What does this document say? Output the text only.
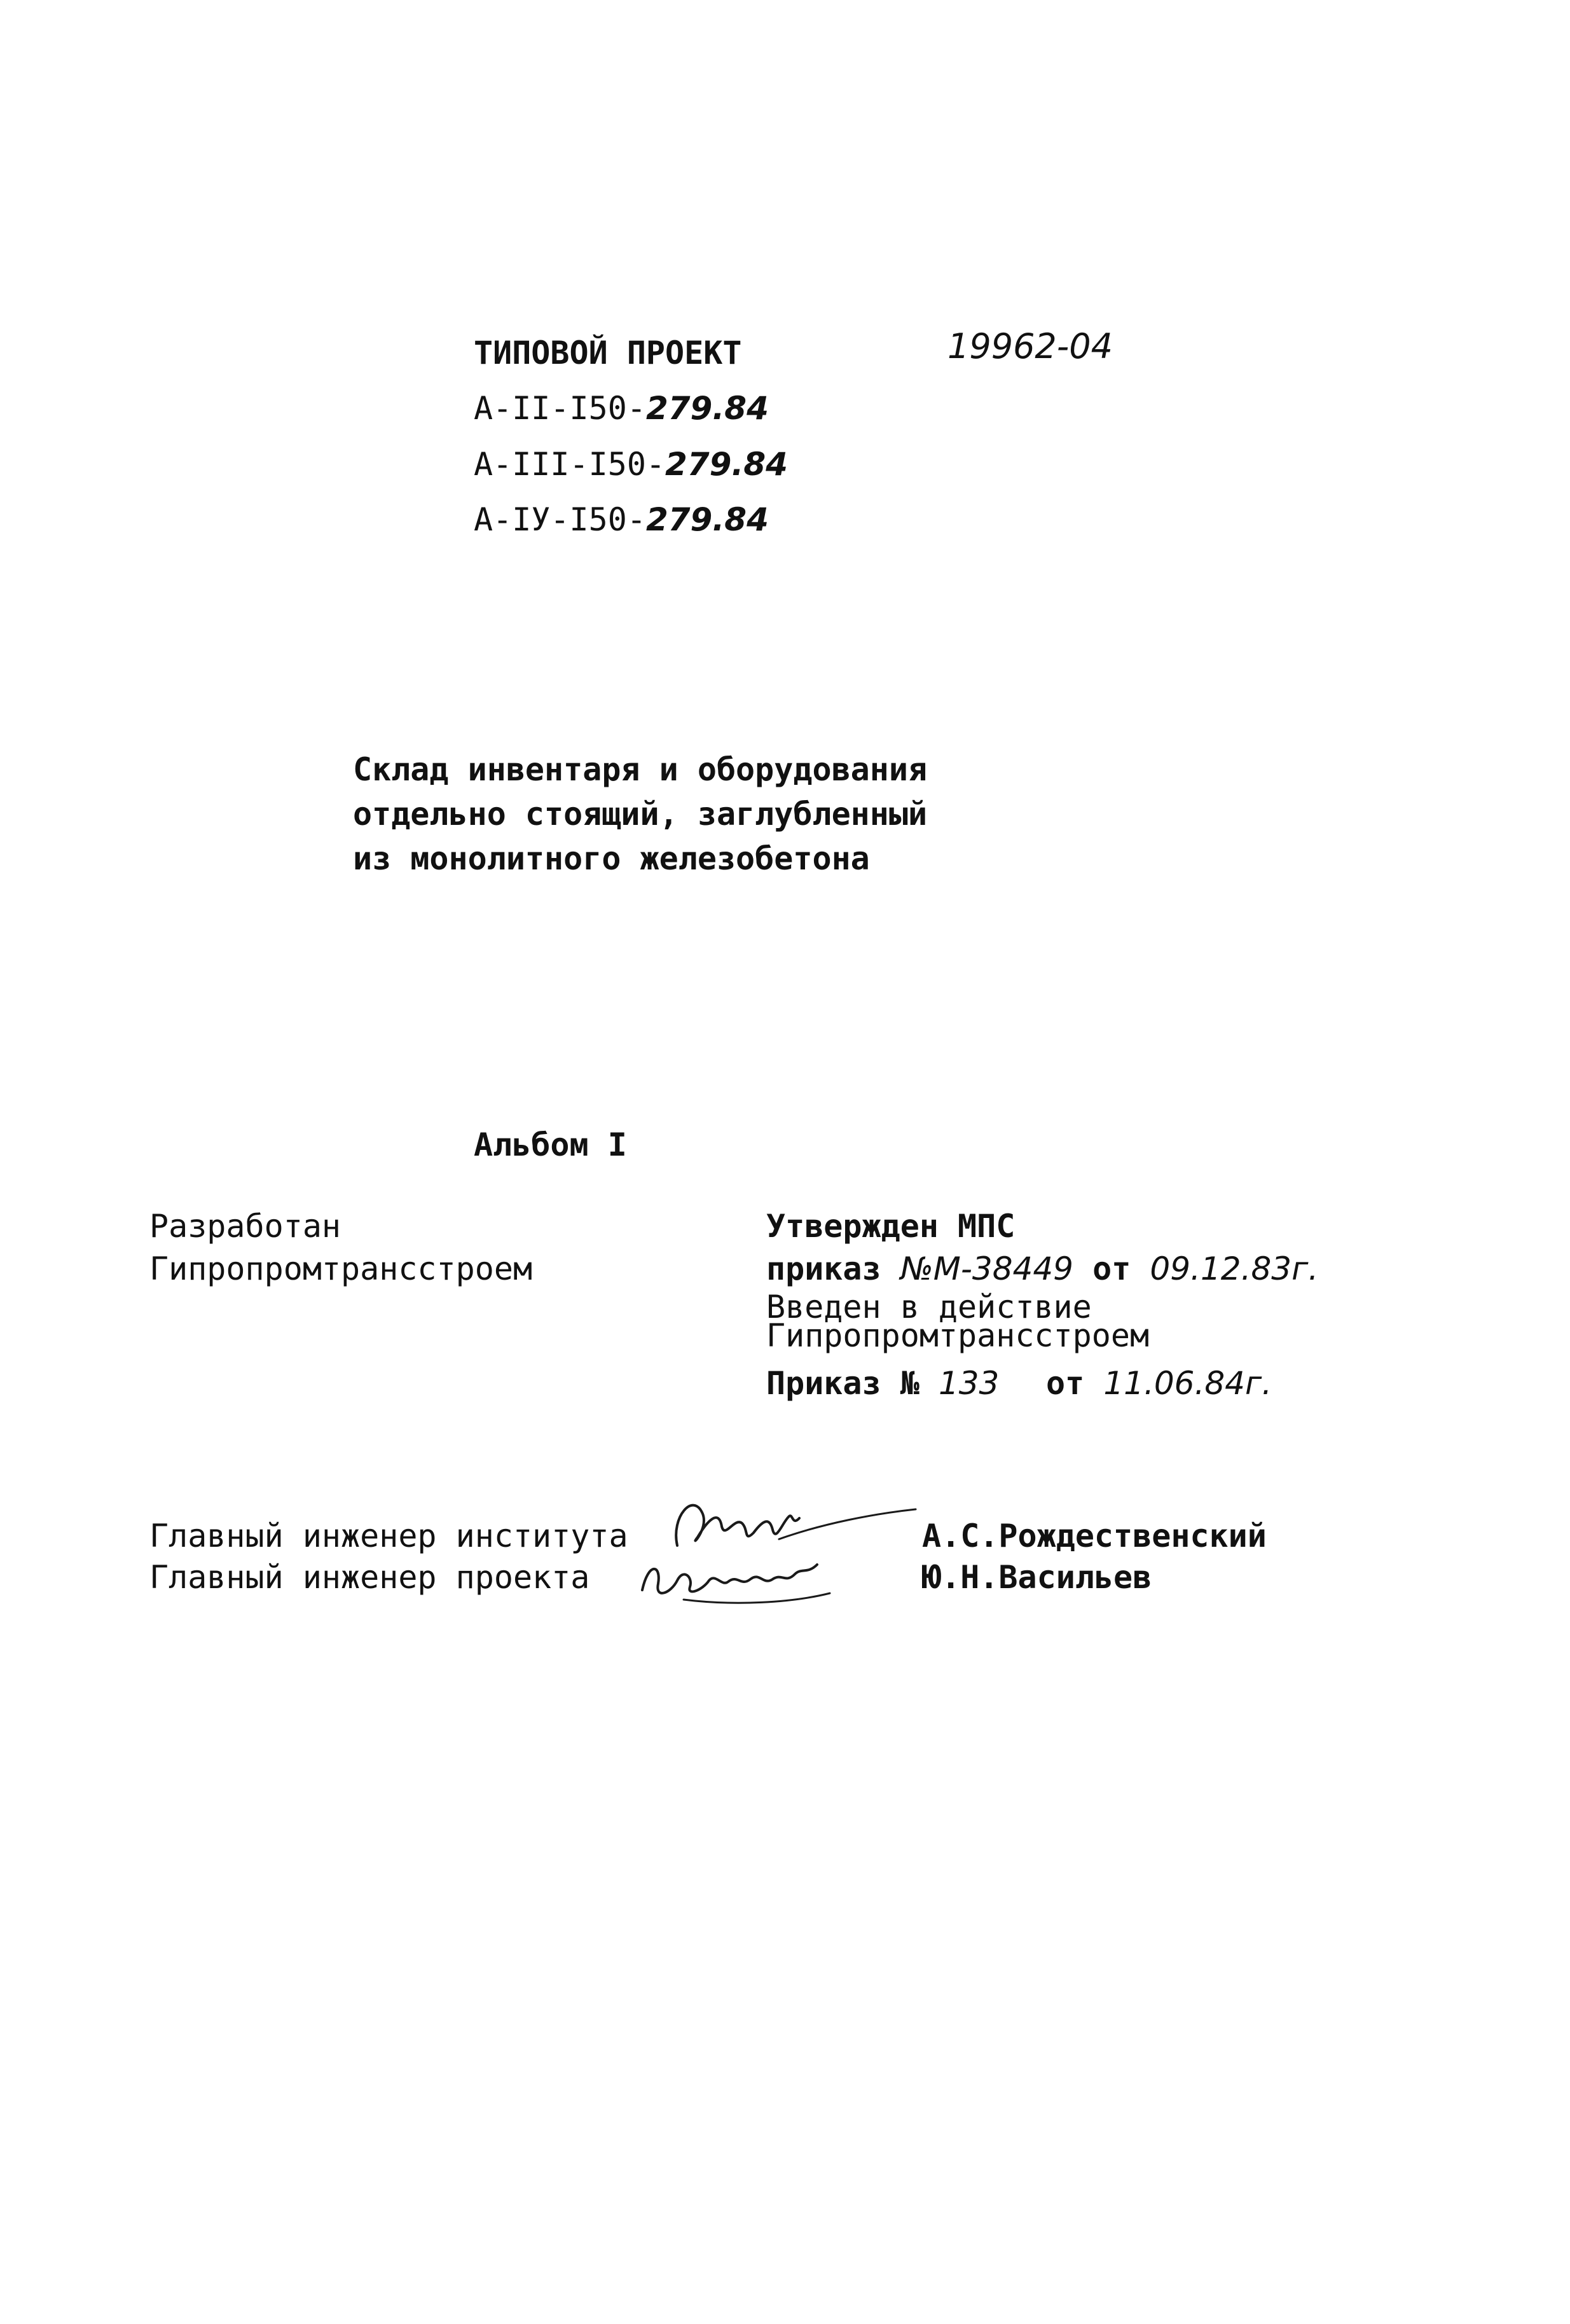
ТИПОВОЙ ПРОЕКТ	19962-04
А-II-I50-279.84
А-III-I50-279.84
А-IУ-I50-279.84
Склад инвентаря и оборудования
отдельно стоящий, заглубленный
из монолитного железобетона
Альбом I
Разработан
Гипропромтрансстроем
Утвержден МПС
приказ №М-38449 от 09.12.83г.
Введен в действие
Гипропромтрансстроем
Приказ № 133 от 11.06.84г.
Главный инженер института
Главный инженер проекта
А.С.Рождественский
Ю.Н.Васильев
